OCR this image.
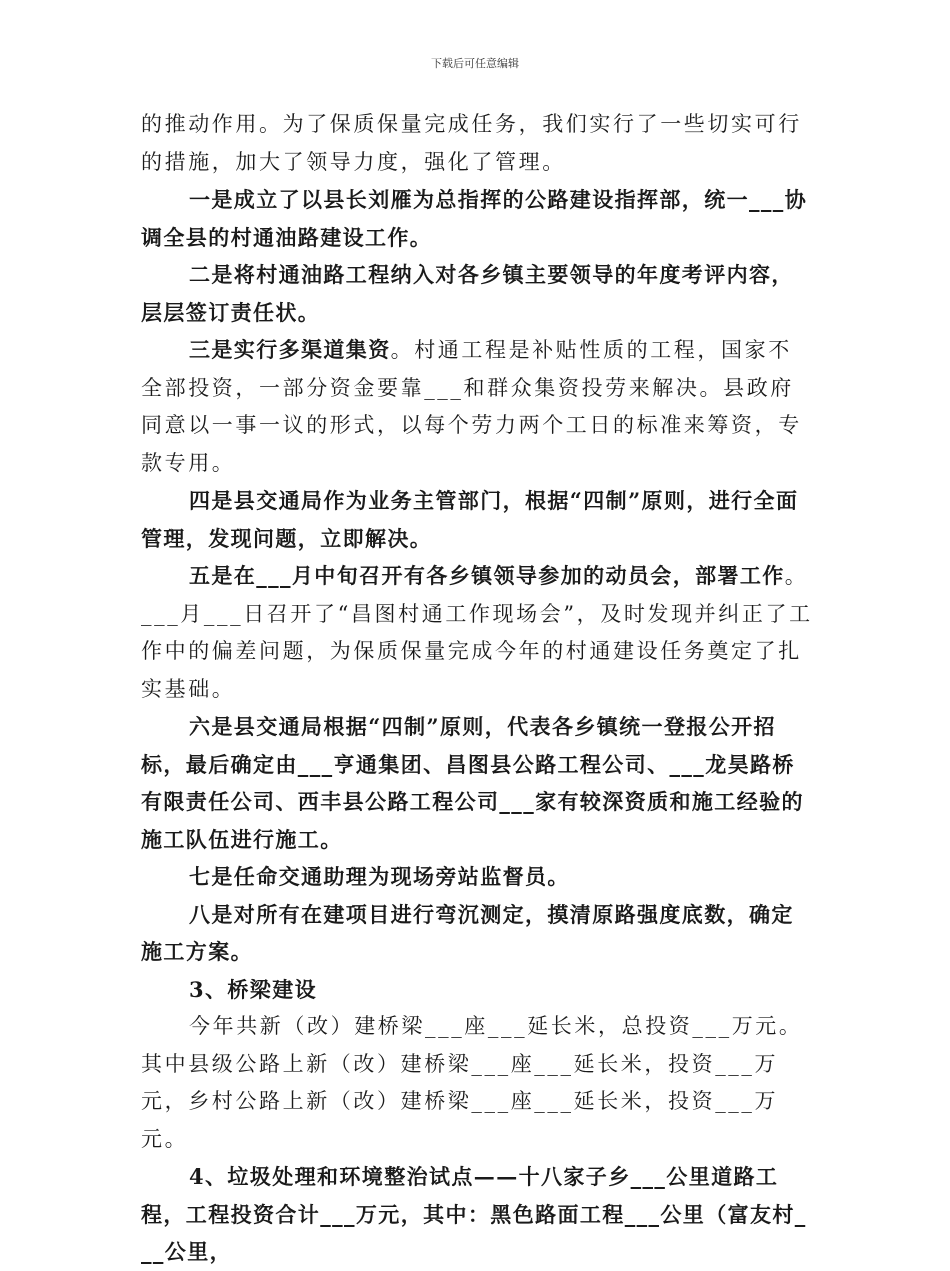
下载后可任意编辑

的推动作用。为了保质保量完成任务，我们实行了一些切实可行的措施，加大了领导力度，强化了管理。

一是成立了以县长刘雁为总指挥的公路建设指挥部，统一___协调全县的村通油路建设工作。

二是将村通油路工程纳入对各乡镇主要领导的年度考评内容，层层签订责任状。

三是实行多渠道集资。村通工程是补贴性质的工程，国家不全部投资，一部分资金要靠___和群众集资投劳来解决。县政府同意以一事一议的形式，以每个劳力两个工日的标准来筹资，专款专用。

四是县交通局作为业务主管部门，根据“四制”原则，进行全面管理，发现问题，立即解决。

五是在___月中旬召开有各乡镇领导参加的动员会，部署工作。___月___日召开了“昌图村通工作现场会”，及时发现并纠正了工作中的偏差问题，为保质保量完成今年的村通建设任务奠定了扎实基础。

六是县交通局根据“四制”原则，代表各乡镇统一登报公开招标，最后确定由___亨通集团、昌图县公路工程公司、___龙昊路桥有限责任公司、西丰县公路工程公司___家有较深资质和施工经验的施工队伍进行施工。

七是任命交通助理为现场旁站监督员。

八是对所有在建项目进行弯沉测定，摸清原路强度底数，确定施工方案。

3、桥梁建设

今年共新（改）建桥梁___座___延长米，总投资___万元。其中县级公路上新（改）建桥梁___座___延长米，投资___万元，乡村公路上新（改）建桥梁___座___延长米，投资___万元。

4、垃圾处理和环境整治试点——十八家子乡___公里道路工程，工程投资合计___万元，其中：黑色路面工程___公里（富友村___公里，
